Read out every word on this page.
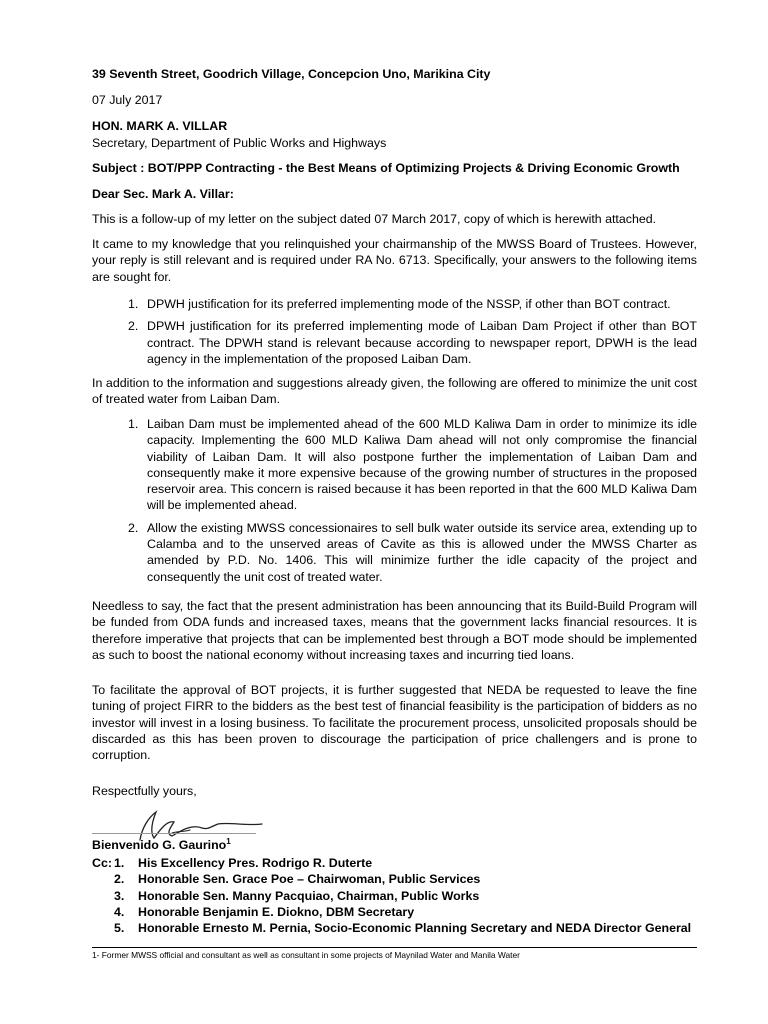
39 Seventh Street, Goodrich Village, Concepcion Uno, Marikina City
07 July 2017
HON. MARK A. VILLAR
Secretary, Department of Public Works and Highways
Subject : BOT/PPP Contracting - the Best Means of Optimizing Projects & Driving Economic Growth
Dear Sec. Mark A. Villar:
This is a follow-up of my letter on the subject dated 07 March 2017, copy of which is herewith attached.
It came to my knowledge that you relinquished your chairmanship of the MWSS Board of Trustees. However, your reply is still relevant and is required under RA No. 6713. Specifically, your answers to the following items are sought for.
1. DPWH justification for its preferred implementing mode of the NSSP, if other than BOT contract.
2. DPWH justification for its preferred implementing mode of Laiban Dam Project if other than BOT contract. The DPWH stand is relevant because according to newspaper report, DPWH is the lead agency in the implementation of the proposed Laiban Dam.
In addition to the information and suggestions already given, the following are offered to minimize the unit cost of treated water from Laiban Dam.
1. Laiban Dam must be implemented ahead of the 600 MLD Kaliwa Dam in order to minimize its idle capacity. Implementing the 600 MLD Kaliwa Dam ahead will not only compromise the financial viability of Laiban Dam. It will also postpone further the implementation of Laiban Dam and consequently make it more expensive because of the growing number of structures in the proposed reservoir area. This concern is raised because it has been reported in that the 600 MLD Kaliwa Dam will be implemented ahead.
2. Allow the existing MWSS concessionaires to sell bulk water outside its service area, extending up to Calamba and to the unserved areas of Cavite as this is allowed under the MWSS Charter as amended by P.D. No. 1406. This will minimize further the idle capacity of the project and consequently the unit cost of treated water.
Needless to say, the fact that the present administration has been announcing that its Build-Build Program will be funded from ODA funds and increased taxes, means that the government lacks financial resources. It is therefore imperative that projects that can be implemented best through a BOT mode should be implemented as such to boost the national economy without increasing taxes and incurring tied loans.
To facilitate the approval of BOT projects, it is further suggested that NEDA be requested to leave the fine tuning of project FIRR to the bidders as the best test of financial feasibility is the participation of bidders as no investor will invest in a losing business. To facilitate the procurement process, unsolicited proposals should be discarded as this has been proven to discourage the participation of price challengers and is prone to corruption.
Respectfully yours,
Bienvenido G. Gaurino$^1$
Cc: 1. His Excellency Pres. Rodrigo R. Duterte
2. Honorable Sen. Grace Poe – Chairwoman, Public Services
3. Honorable Sen. Manny Pacquiao, Chairman, Public Works
4. Honorable Benjamin E. Diokno, DBM Secretary
5. Honorable Ernesto M. Pernia, Socio-Economic Planning Secretary and NEDA Director General
1- Former MWSS official and consultant as well as consultant in some projects of Maynilad Water and Manila Water
